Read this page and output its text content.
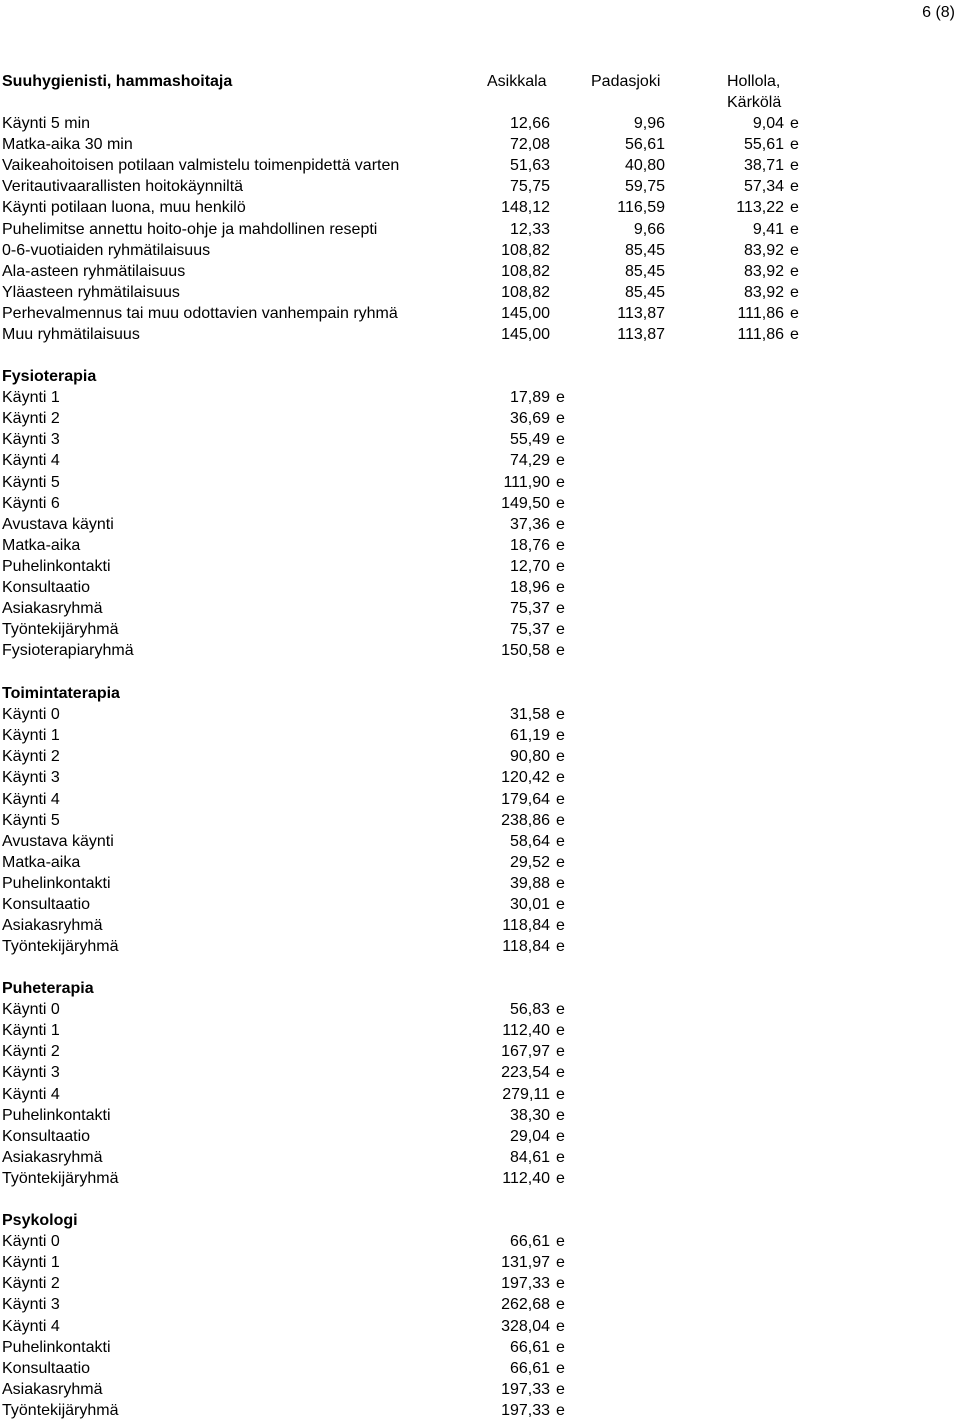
6 (8)
Suuhygienisti, hammashoitaja	Asikkala	Padasjoki	Hollola,
Kärkölä
Käynti 5 min	12,66	9,96	9,04 e
Matka-aika 30 min	72,08	56,61	55,61 e
Vaikeahoitoisen potilaan valmistelu toimenpidettä varten	51,63	40,80	38,71 e
Veritautivaarallisten hoitokäynniltä	75,75	59,75	57,34 e
Käynti potilaan luona, muu henkilö	148,12	116,59	113,22 e
Puhelimitse annettu hoito-ohje ja mahdollinen resepti	12,33	9,66	9,41 e
0-6-vuotiaiden ryhmätilaisuus	108,82	85,45	83,92 e
Ala-asteen ryhmätilaisuus	108,82	85,45	83,92 e
Yläasteen ryhmätilaisuus	108,82	85,45	83,92 e
Perhevalmennus tai muu odottavien vanhempain ryhmä	145,00	113,87	111,86 e
Muu ryhmätilaisuus	145,00	113,87	111,86 e
Fysioterapia
Käynti 1	17,89 e
Käynti 2	36,69 e
Käynti 3	55,49 e
Käynti 4	74,29 e
Käynti 5	111,90 e
Käynti 6	149,50 e
Avustava käynti	37,36 e
Matka-aika	18,76 e
Puhelinkontakti	12,70 e
Konsultaatio	18,96 e
Asiakasryhmä	75,37 e
Työntekijäryhmä	75,37 e
Fysioterapiaryhmä	150,58 e
Toimintaterapia
Käynti 0	31,58 e
Käynti 1	61,19 e
Käynti 2	90,80 e
Käynti 3	120,42 e
Käynti 4	179,64 e
Käynti 5	238,86 e
Avustava käynti	58,64 e
Matka-aika	29,52 e
Puhelinkontakti	39,88 e
Konsultaatio	30,01 e
Asiakasryhmä	118,84 e
Työntekijäryhmä	118,84 e
Puheterapia
Käynti 0	56,83 e
Käynti 1	112,40 e
Käynti 2	167,97 e
Käynti 3	223,54 e
Käynti 4	279,11 e
Puhelinkontakti	38,30 e
Konsultaatio	29,04 e
Asiakasryhmä	84,61 e
Työntekijäryhmä	112,40 e
Psykologi
Käynti 0	66,61 e
Käynti 1	131,97 e
Käynti 2	197,33 e
Käynti 3	262,68 e
Käynti 4	328,04 e
Puhelinkontakti	66,61 e
Konsultaatio	66,61 e
Asiakasryhmä	197,33 e
Työntekijäryhmä	197,33 e
